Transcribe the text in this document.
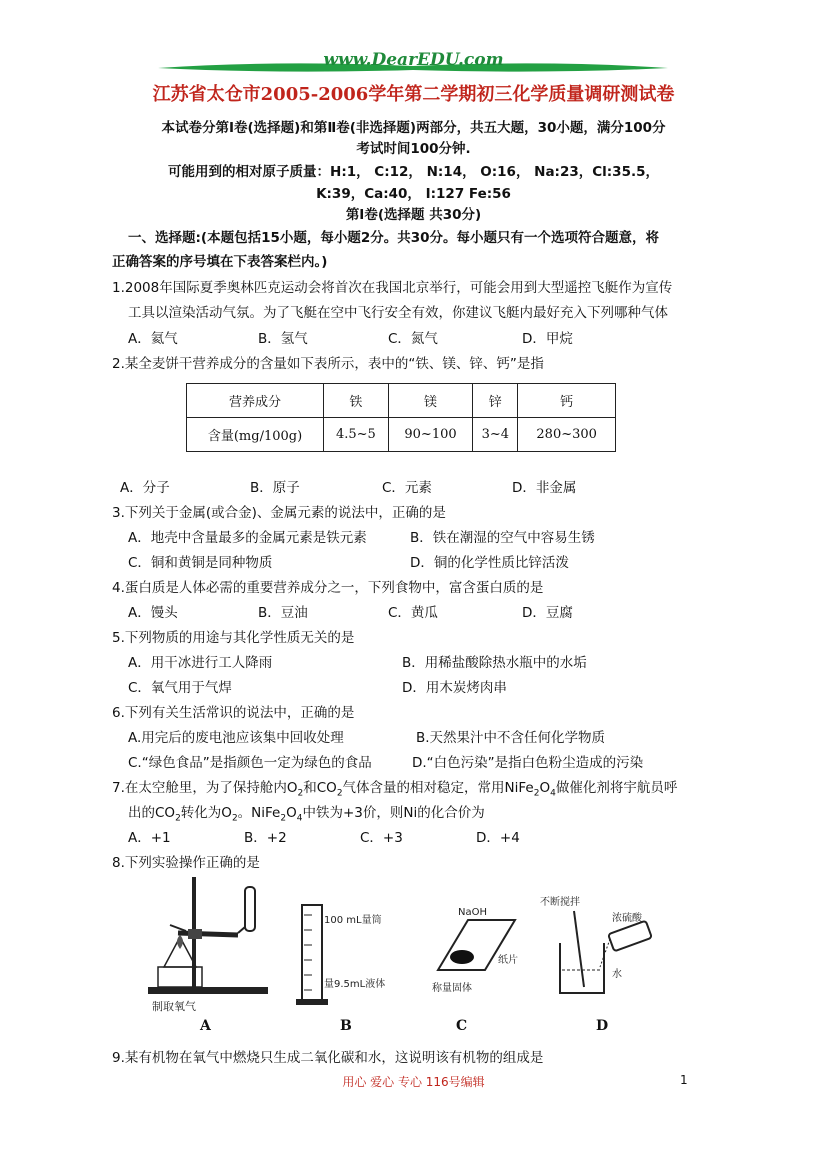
www.DearEDU.com
江苏省太仓市2005-2006学年第二学期初三化学质量调研测试卷
本试卷分第Ⅰ卷(选择题)和第Ⅱ卷(非选择题)两部分，共五大题，30小题，满分100分
考试时间100分钟.
可能用到的相对原子质量：H:1， C:12， N:14， O:16， Na:23，Cl:35.5，
K:39，Ca:40， I:127 Fe:56
第Ⅰ卷(选择题 共30分)
一、选择题:(本题包括15小题，每小题2分。共30分。每小题只有一个选项符合题意，将
正确答案的序号填在下表答案栏内。)
1.2008年国际夏季奥林匹克运动会将首次在我国北京举行，可能会用到大型遥控飞艇作为宣传
工具以渲染活动气氛。为了飞艇在空中飞行安全有效，你建议飞艇内最好充入下列哪种气体
A．氦气	B．氢气	C．氮气	D．甲烷
2.某全麦饼干营养成分的含量如下表所示，表中的“铁、镁、锌、钙”是指
营养成分	铁	镁	锌	钙
含量(mg/100g)	4.5~5	90~100	3~4	280~300
A．分子	B．原子	C．元素	D．非金属
3.下列关于金属(或合金)、金属元素的说法中，正确的是
A．地壳中含量最多的金属元素是铁元素	B．铁在潮湿的空气中容易生锈
C．铜和黄铜是同种物质	D．铜的化学性质比锌活泼
4.蛋白质是人体必需的重要营养成分之一，下列食物中，富含蛋白质的是
A．馒头	B．豆油	C．黄瓜	D．豆腐
5.下列物质的用途与其化学性质无关的是
A．用干冰进行工人降雨	B．用稀盐酸除热水瓶中的水垢
C．氧气用于气焊	D．用木炭烤肉串
6.下列有关生活常识的说法中，正确的是
A.用完后的废电池应该集中回收处理	B.天然果汁中不含任何化学物质
C.“绿色食品”是指颜色一定为绿色的食品	D.“白色污染”是指白色粉尘造成的污染
7.在太空舱里，为了保持舱内$O_2$和$CO_2$气体含量的相对稳定，常用$NiFe_2O_4$做催化剂将宇航员呼
出的$CO_2$转化为$O_2$。$NiFe_2O_4$中铁为+3价，则Ni的化合价为
A．+1	B．+2	C．+3	D．+4
8.下列实验操作正确的是
制取氧气
100 mL量筒
量9.5mL液体
NaOH
纸片
称量固体
不断搅拌
浓硫酸
水
A	B	C	D
9.某有机物在氧气中燃烧只生成二氧化碳和水，这说明该有机物的组成是
用心 爱心 专心 116号编辑	1
